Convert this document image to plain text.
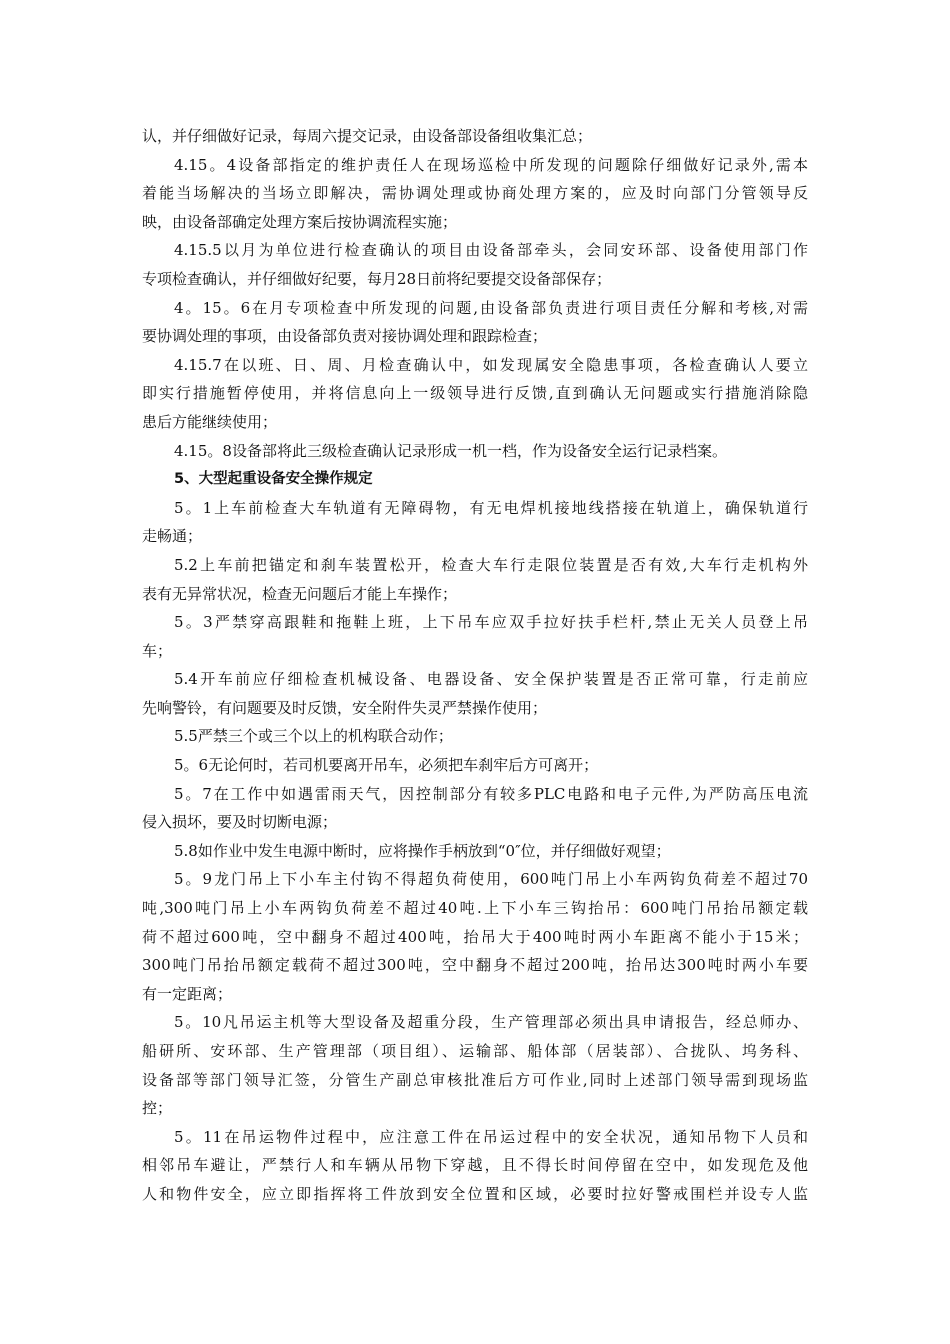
认，并仔细做好记录，每周六提交记录，由设备部设备组收集汇总；
4.15。4设备部指定的维护责任人在现场巡检中所发现的问题除仔细做好记录外,需本
着能当场解决的当场立即解决，需协调处理或协商处理方案的，应及时向部门分管领导反
映，由设备部确定处理方案后按协调流程实施；
4.15.5以月为单位进行检查确认的项目由设备部牵头，会同安环部、设备使用部门作
专项检查确认，并仔细做好纪要，每月28日前将纪要提交设备部保存；
4。15。6在月专项检查中所发现的问题,由设备部负责进行项目责任分解和考核,对需
要协调处理的事项，由设备部负责对接协调处理和跟踪检查；
4.15.7在以班、日、周、月检查确认中，如发现属安全隐患事项，各检查确认人要立
即实行措施暂停使用，并将信息向上一级领导进行反馈,直到确认无问题或实行措施消除隐
患后方能继续使用；
4.15。8设备部将此三级检查确认记录形成一机一档，作为设备安全运行记录档案。
5、大型起重设备安全操作规定
5。1上车前检查大车轨道有无障碍物，有无电焊机接地线搭接在轨道上，确保轨道行
走畅通；
5.2上车前把锚定和刹车装置松开，检查大车行走限位装置是否有效,大车行走机构外
表有无异常状况，检查无问题后才能上车操作；
5。3严禁穿高跟鞋和拖鞋上班，上下吊车应双手拉好扶手栏杆,禁止无关人员登上吊
车；
5.4开车前应仔细检查机械设备、电器设备、安全保护装置是否正常可靠，行走前应
先响警铃，有问题要及时反馈，安全附件失灵严禁操作使用；
5.5严禁三个或三个以上的机构联合动作；
5。6无论何时，若司机要离开吊车，必须把车刹牢后方可离开；
5。7在工作中如遇雷雨天气，因控制部分有较多PLC电路和电子元件,为严防高压电流
侵入损坏，要及时切断电源；
5.8如作业中发生电源中断时，应将操作手柄放到“0″位，并仔细做好观望；
5。9龙门吊上下小车主付钩不得超负荷使用，600吨门吊上小车两钩负荷差不超过70
吨,300吨门吊上小车两钩负荷差不超过40吨.上下小车三钩抬吊：600吨门吊抬吊额定载
荷不超过600吨，空中翻身不超过400吨，抬吊大于400吨时两小车距离不能小于15米；
300吨门吊抬吊额定载荷不超过300吨，空中翻身不超过200吨，抬吊达300吨时两小车要
有一定距离；
5。10凡吊运主机等大型设备及超重分段，生产管理部必须出具申请报告，经总师办、
船研所、安环部、生产管理部（项目组）、运输部、船体部（居装部）、合拢队、坞务科、
设备部等部门领导汇签，分管生产副总审核批准后方可作业,同时上述部门领导需到现场监
控；
5。11在吊运物件过程中，应注意工件在吊运过程中的安全状况，通知吊物下人员和
相邻吊车避让，严禁行人和车辆从吊物下穿越，且不得长时间停留在空中，如发现危及他
人和物件安全，应立即指挥将工件放到安全位置和区域，必要时拉好警戒围栏并设专人监
